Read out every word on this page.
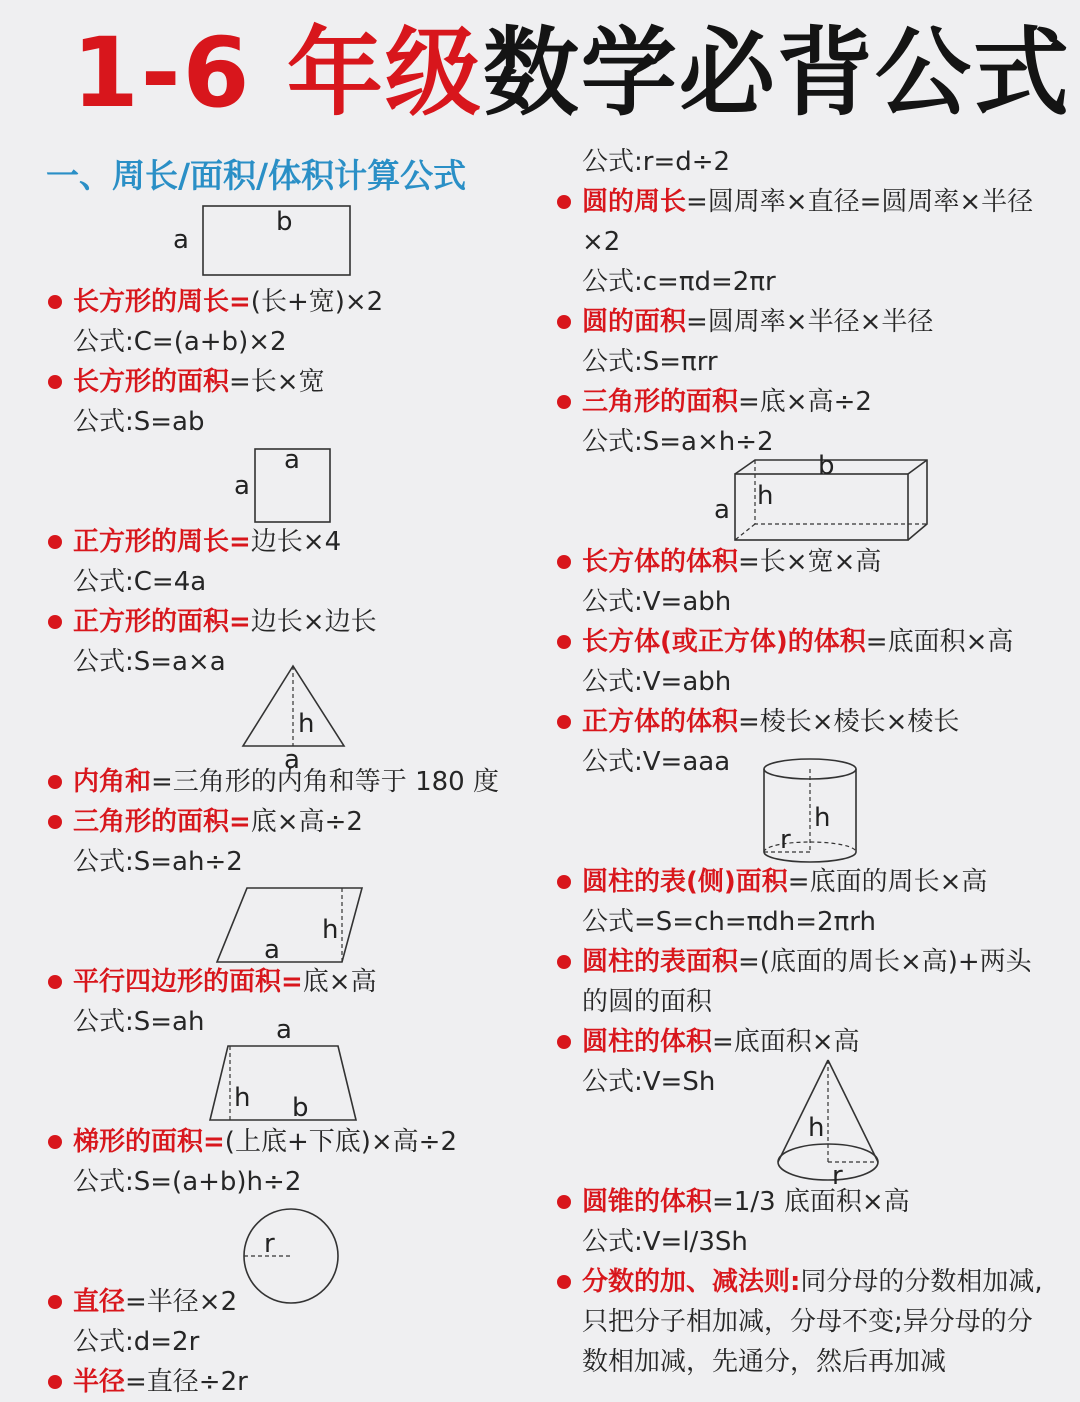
1-6 年级数学必背公式
一、周长/面积/体积计算公式
长方形的周长=(长+宽)×2
公式:C=(a+b)×2
长方形的面积=长×宽
公式:S=ab
正方形的周长=边长×4
公式:C=4a
正方形的面积=边长×边长
公式:S=a×a
内角和=三角形的内角和等于 180 度
三角形的面积=底×高÷2
公式:S=ah÷2
平行四边形的面积=底×高
公式:S=ah
梯形的面积=(上底+下底)×高÷2
公式:S=(a+b)h÷2
直径=半径×2
公式:d=2r
半径=直径÷2r
公式:r=d÷2
圆的周长=圆周率×直径=圆周率×半径
×2
公式:c=πd=2πr
圆的面积=圆周率×半径×半径
公式:S=πrr
三角形的面积=底×高÷2
公式:S=a×h÷2
长方体的体积=长×宽×高
公式:V=abh
长方体(或正方体)的体积=底面积×高
公式:V=abh
正方体的体积=棱长×棱长×棱长
公式:V=aaa
圆柱的表(侧)面积=底面的周长×高
公式=S=ch=πdh=2πrh
圆柱的表面积=(底面的周长×高)+两头
的圆的面积
圆柱的体积=底面积×高
公式:V=Sh
圆锥的体积=1/3 底面积×高
公式:V=l/3Sh
分数的加、减法则:同分母的分数相加减,
只把分子相加减，分母不变;异分母的分
数相加减，先通分，然后再加减
a
b
a
a
h
a
h
a
a
h b
r
b
h
a
h
r
h
r
